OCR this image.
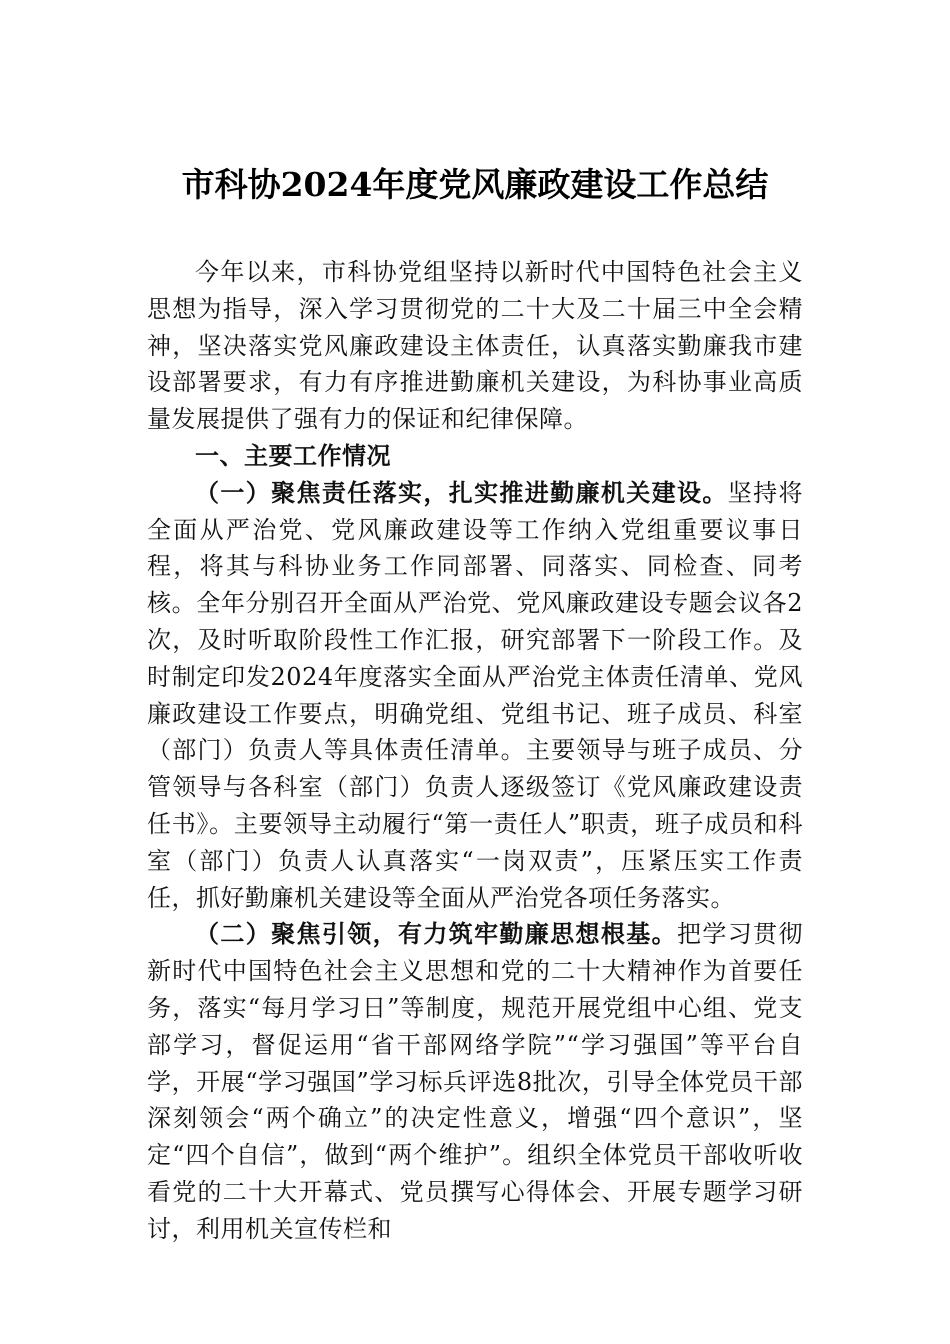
市科协2024年度党风廉政建设工作总结

今年以来，市科协党组坚持以新时代中国特色社会主义思想为指导，深入学习贯彻党的二十大及二十届三中全会精神，坚决落实党风廉政建设主体责任，认真落实勤廉我市建设部署要求，有力有序推进勤廉机关建设，为科协事业高质量发展提供了强有力的保证和纪律保障。

一、主要工作情况

（一）聚焦责任落实，扎实推进勤廉机关建设。坚持将全面从严治党、党风廉政建设等工作纳入党组重要议事日程，将其与科协业务工作同部署、同落实、同检查、同考核。全年分别召开全面从严治党、党风廉政建设专题会议各2次，及时听取阶段性工作汇报，研究部署下一阶段工作。及时制定印发2024年度落实全面从严治党主体责任清单、党风廉政建设工作要点，明确党组、党组书记、班子成员、科室（部门）负责人等具体责任清单。主要领导与班子成员、分管领导与各科室（部门）负责人逐级签订《党风廉政建设责任书》。主要领导主动履行“第一责任人”职责，班子成员和科室（部门）负责人认真落实“一岗双责”，压紧压实工作责任，抓好勤廉机关建设等全面从严治党各项任务落实。

（二）聚焦引领，有力筑牢勤廉思想根基。把学习贯彻新时代中国特色社会主义思想和党的二十大精神作为首要任务，落实“每月学习日”等制度，规范开展党组中心组、党支部学习，督促运用“省干部网络学院”“学习强国”等平台自学，开展“学习强国”学习标兵评选8批次，引导全体党员干部深刻领会“两个确立”的决定性意义，增强“四个意识”，坚定“四个自信”，做到“两个维护”。组织全体党员干部收听收看党的二十大开幕式、党员撰写心得体会、开展专题学习研讨，利用机关宣传栏和
